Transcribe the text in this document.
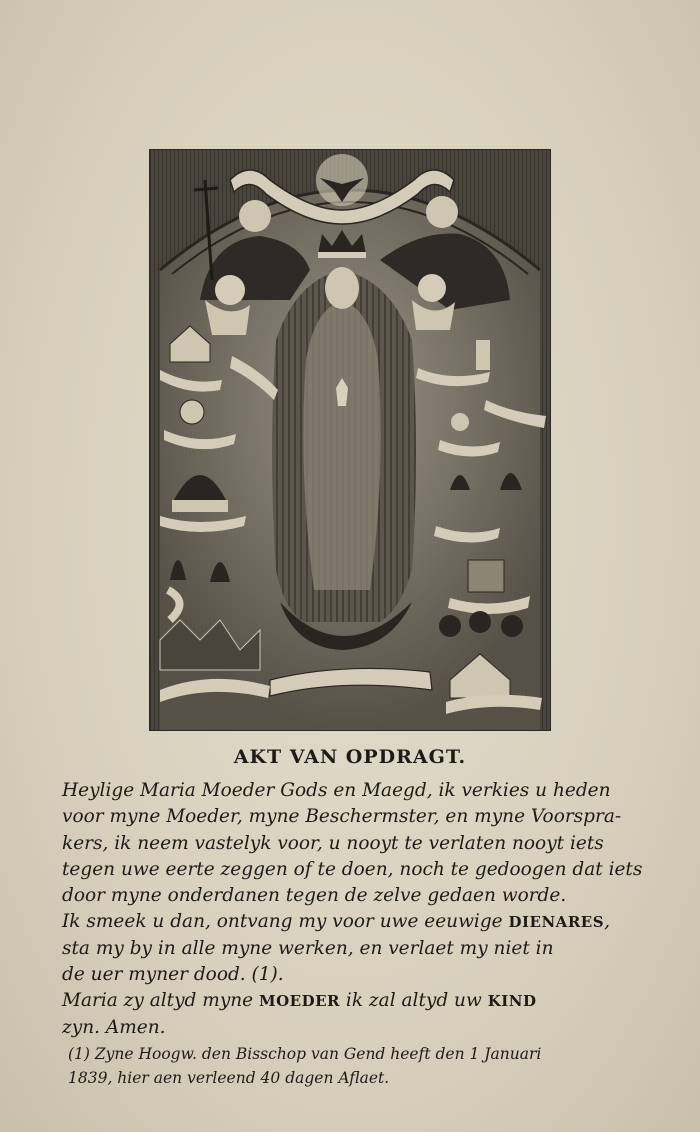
AKT VAN OPDRAGT.
Heylige Maria Moeder Gods en Maegd, ik verkies u heden
voor myne Moeder, myne Beschermster, en myne Voorspra-
kers, ik neem vastelyk voor, u nooyt te verlaten nooyt iets
tegen uwe eerte zeggen of te doen, noch te gedoogen dat iets
door myne onderdanen tegen de zelve gedaen worde.
Ik smeek u dan, ontvang my voor uwe eeuwige DIENARES,
sta my by in alle myne werken, en verlaet my niet in
de uer myner dood. (1).
Maria zy altyd myne MOEDER ik zal altyd uw KIND
zyn. Amen.
(1) Zyne Hoogw. den Bisschop van Gend heeft den 1 Januari
1839, hier aen verleend 40 dagen Aflaet.
